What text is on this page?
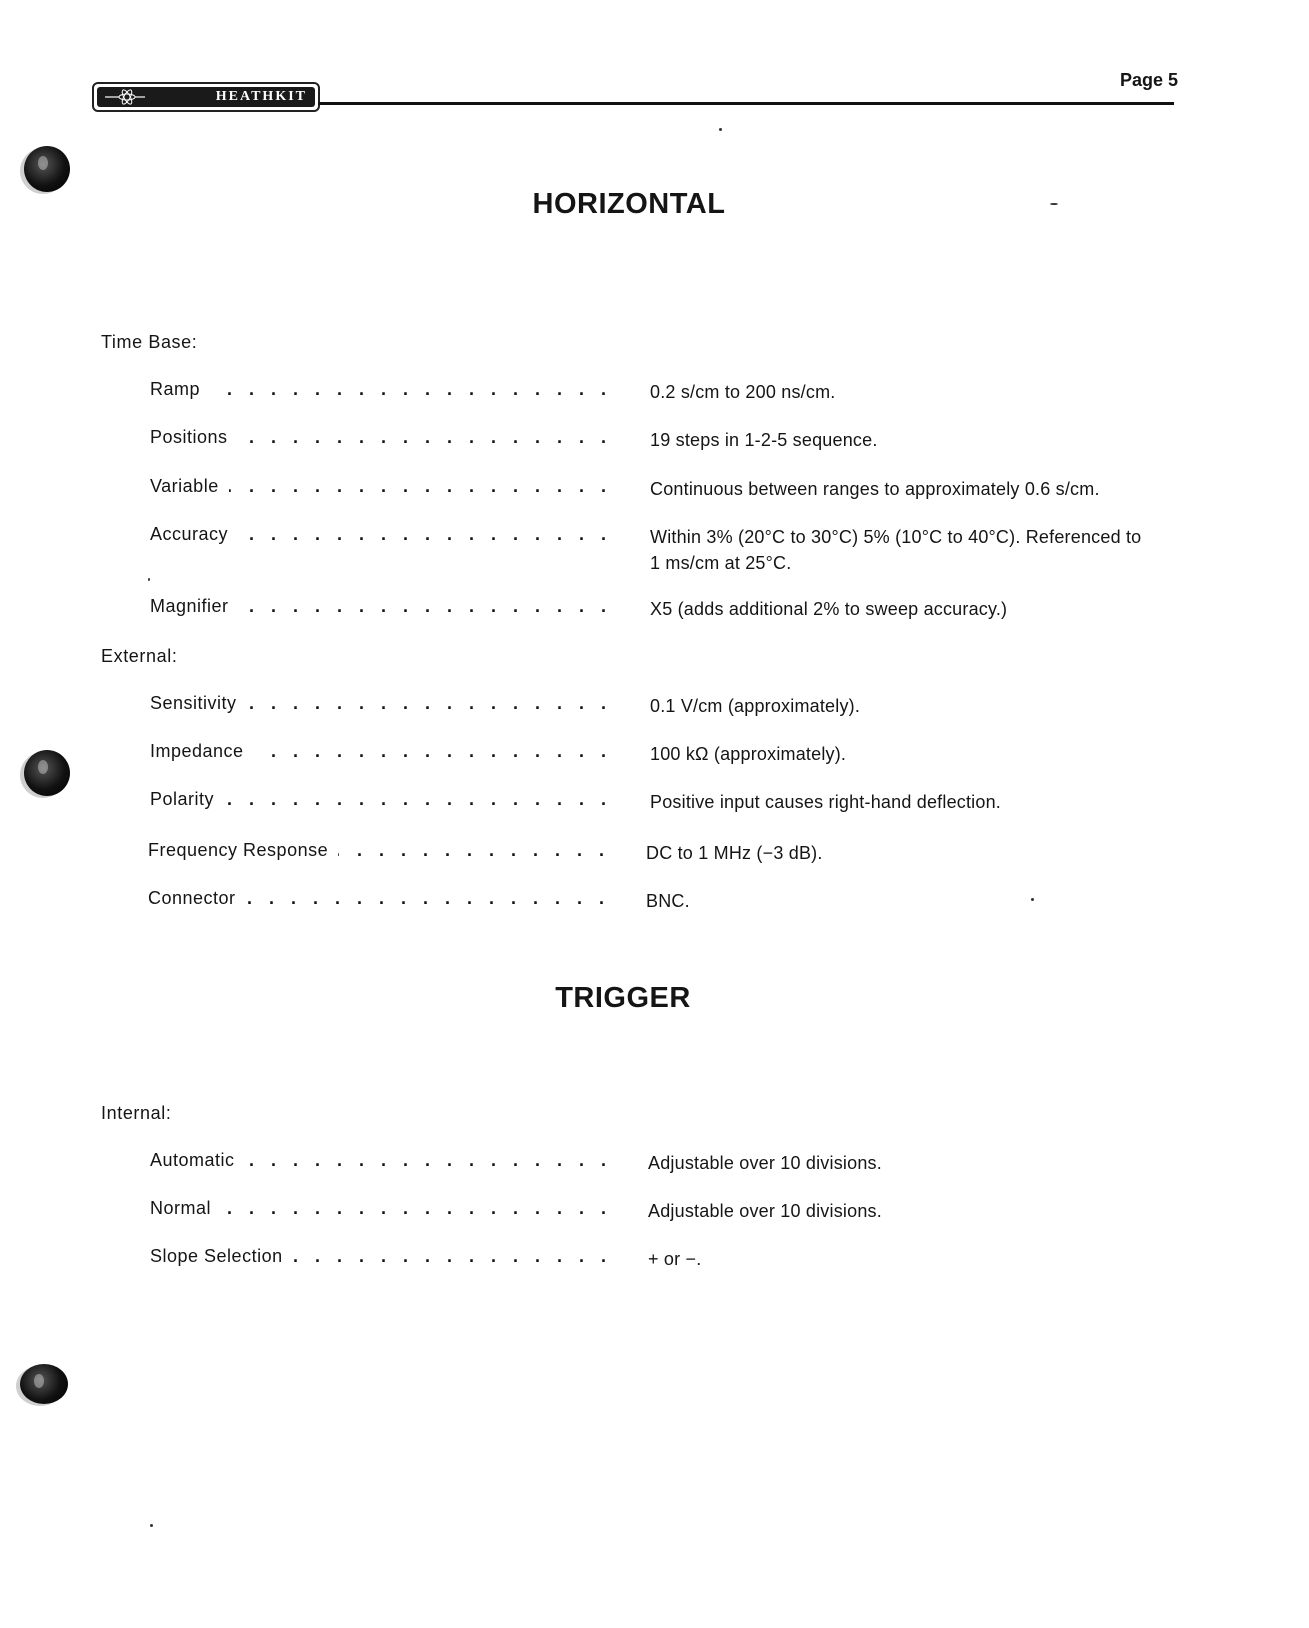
HEATHKIT
Page 5
HORIZONTAL
Time Base:
Ramp . . .	0.2 s/cm to 200 ns/cm.
Positions . . .	19 steps in 1-2-5 sequence.
Variable . . .	Continuous between ranges to approximately 0.6 s/cm.
Accuracy . . .	Within 3% (20°C to 30°C) 5% (10°C to 40°C). Referenced to 1 ms/cm at 25°C.
Magnifier . . .	X5 (adds additional 2% to sweep accuracy.)
External:
Sensitivity . . .	0.1 V/cm (approximately).
Impedance . . .	100 kΩ (approximately).
Polarity . . .	Positive input causes right-hand deflection.
Frequency Response . . .	DC to 1 MHz (−3 dB).
Connector . . .	BNC.
TRIGGER
Internal:
Automatic . . .	Adjustable over 10 divisions.
Normal . . .	Adjustable over 10 divisions.
Slope Selection . . .	+ or −.
